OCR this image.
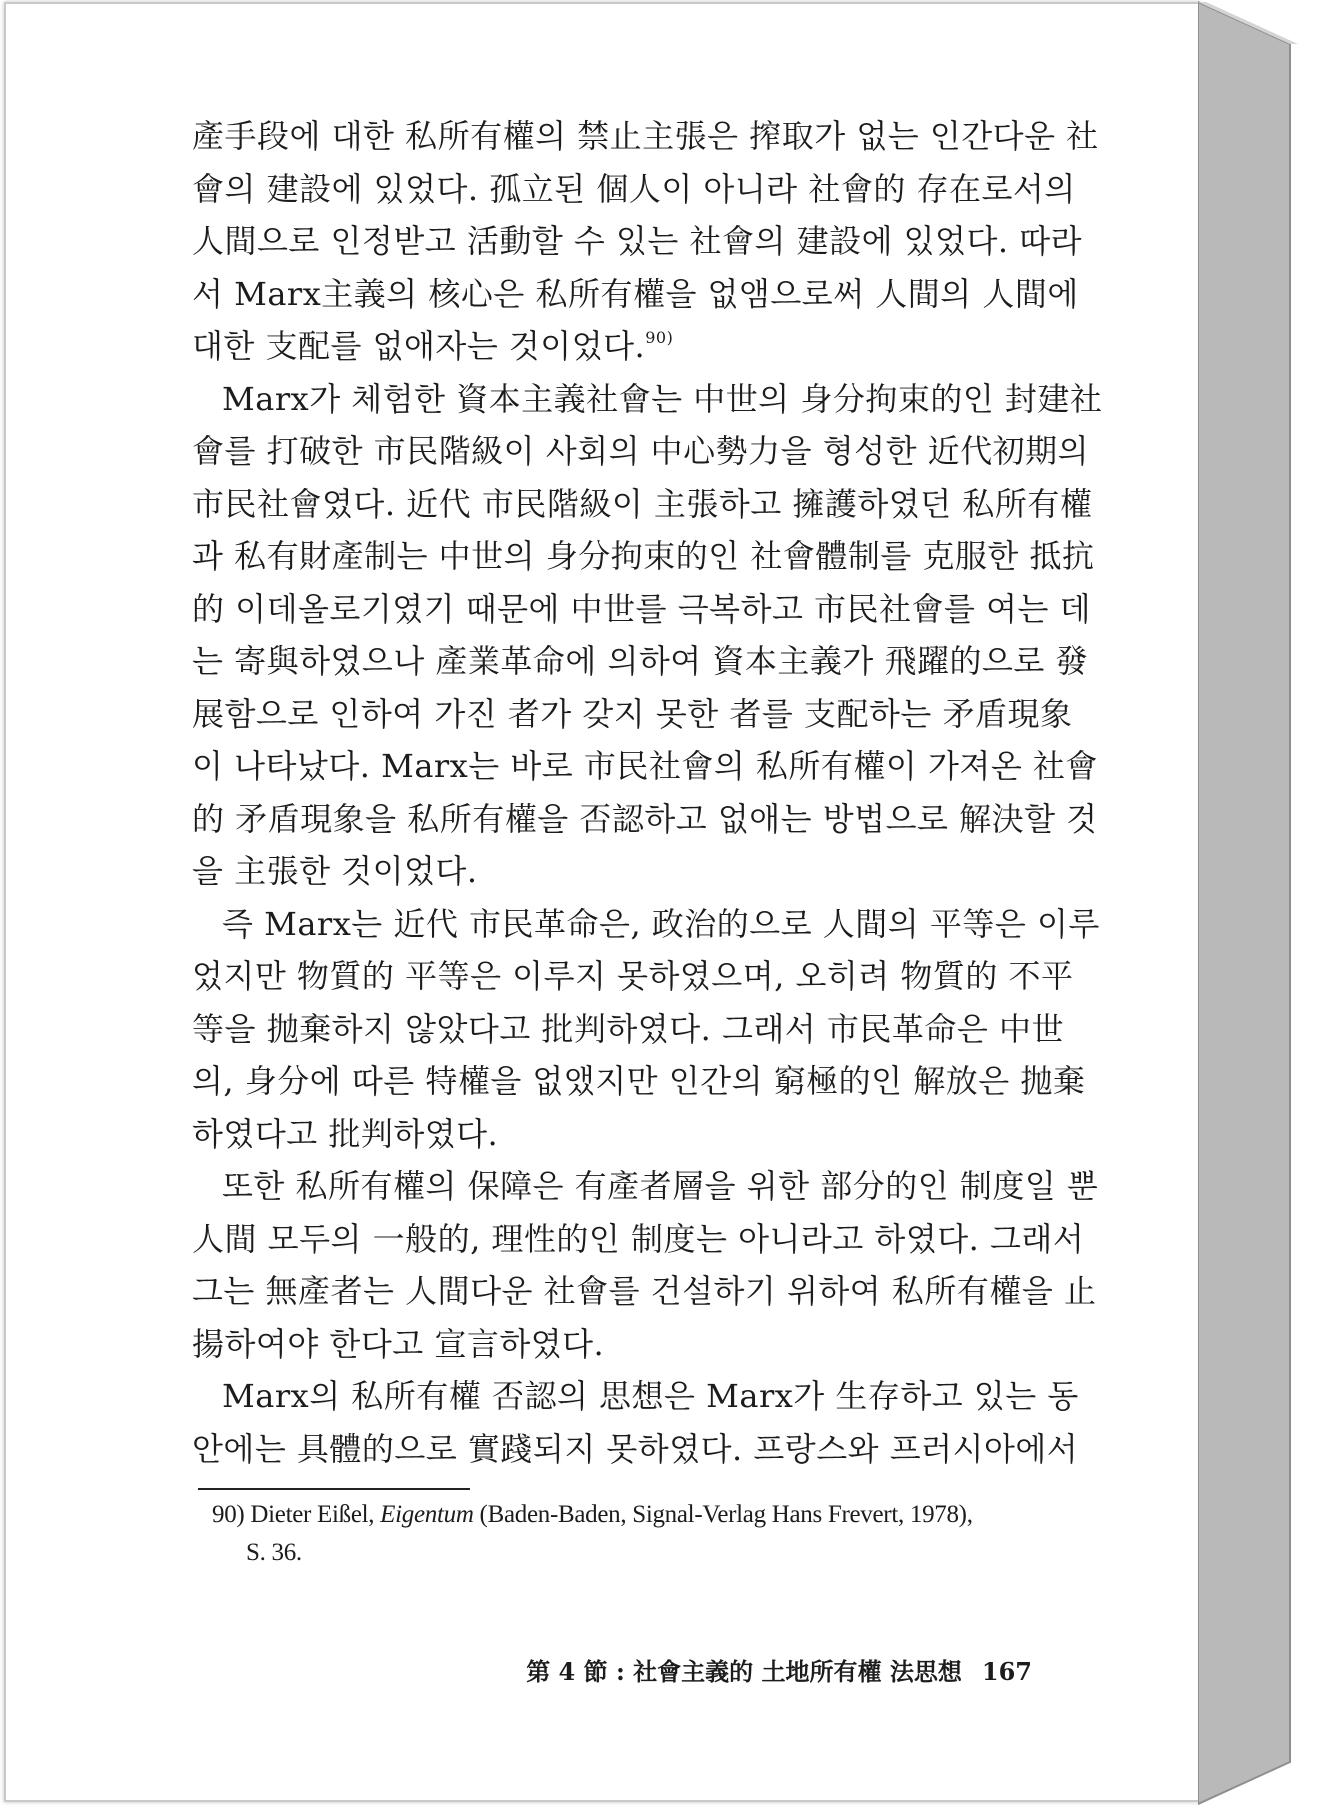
產手段에 대한 私所有權의 禁止主張은 搾取가 없는 인간다운 社
會의 建設에 있었다. 孤立된 個人이 아니라 社會的 存在로서의
人間으로 인정받고 活動할 수 있는 社會의 建設에 있었다. 따라
서 Marx主義의 核心은 私所有權을 없앰으로써 人間의 人間에
대한 支配를 없애자는 것이었다.$^{90)}$
Marx가 체험한 資本主義社會는 中世의 身分拘束的인 封建社
會를 打破한 市民階級이 사회의 中心勢力을 형성한 近代初期의
市民社會였다. 近代 市民階級이 主張하고 擁護하였던 私所有權
과 私有財產制는 中世의 身分拘束的인 社會體制를 克服한 抵抗
的 이데올로기였기 때문에 中世를 극복하고 市民社會를 여는 데
는 寄與하였으나 產業革命에 의하여 資本主義가 飛躍的으로 發
展함으로 인하여 가진 者가 갖지 못한 者를 支配하는 矛盾現象
이 나타났다. Marx는 바로 市民社會의 私所有權이 가져온 社會
的 矛盾現象을 私所有權을 否認하고 없애는 방법으로 解決할 것
을 主張한 것이었다.
즉 Marx는 近代 市民革命은, 政治的으로 人間의 平等은 이루
었지만 物質的 平等은 이루지 못하였으며, 오히려 物質的 不平
等을 抛棄하지 않았다고 批判하였다. 그래서 市民革命은 中世
의, 身分에 따른 特權을 없앴지만 인간의 窮極的인 解放은 抛棄
하였다고 批判하였다.
또한 私所有權의 保障은 有產者層을 위한 部分的인 制度일 뿐
人間 모두의 一般的, 理性的인 制度는 아니라고 하였다. 그래서
그는 無產者는 人間다운 社會를 건설하기 위하여 私所有權을 止
揚하여야 한다고 宣言하였다.
Marx의 私所有權 否認의 思想은 Marx가 生存하고 있는 동
안에는 具體的으로 實踐되지 못하였다. 프랑스와 프러시아에서
90) Dieter Eißel, Eigentum (Baden-Baden, Signal-Verlag Hans Frevert, 1978),
S. 36.
第 4 節 : 社會主義的 土地所有權 法思想 167
